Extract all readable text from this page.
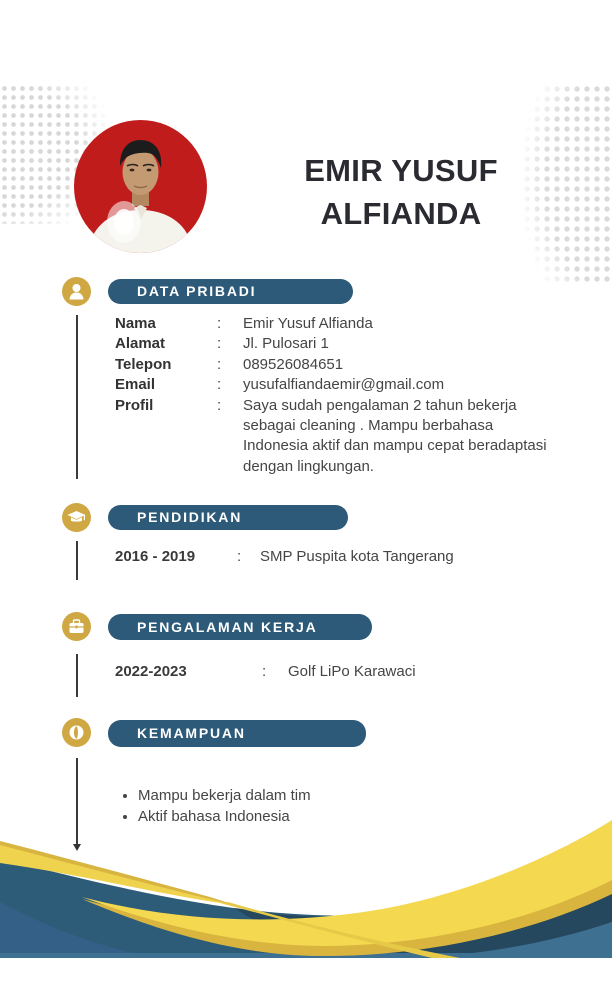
EMIR YUSUF
ALFIANDA
DATA PRIBADI
Nama	:	Emir Yusuf Alfianda
Alamat	:	Jl. Pulosari 1
Telepon	:	089526084651
Email	:	yusufalfiandaemir@gmail.com
Profil	:	Saya sudah pengalaman 2 tahun bekerja sebagai cleaning . Mampu berbahasa Indonesia aktif dan mampu cepat beradaptasi dengan lingkungan.
PENDIDIKAN
2016 - 2019	:	SMP Puspita kota Tangerang
PENGALAMAN KERJA
2022-2023	:	Golf LiPo Karawaci
KEMAMPUAN
• Mampu bekerja dalam tim
• Aktif bahasa Indonesia
